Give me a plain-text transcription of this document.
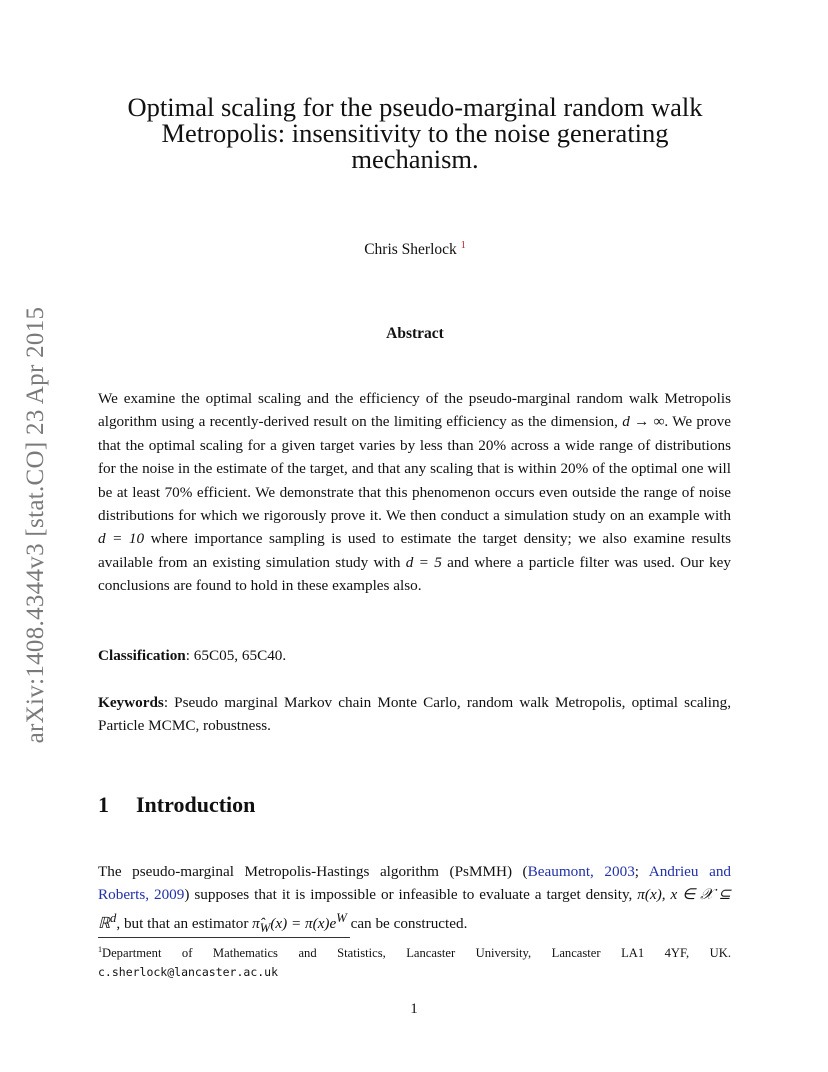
arXiv:1408.4344v3 [stat.CO] 23 Apr 2015
Optimal scaling for the pseudo-marginal random walk
Metropolis: insensitivity to the noise generating
mechanism.
Chris Sherlock $^1$
Abstract

We examine the optimal scaling and the efficiency of the pseudo-marginal random walk Metropolis algorithm using a recently-derived result on the limiting efficiency as the dimension, d → ∞. We prove that the optimal scaling for a given target varies by less than 20% across a wide range of distributions for the noise in the estimate of the target, and that any scaling that is within 20% of the optimal one will be at least 70% efficient. We demonstrate that this phenomenon occurs even outside the range of noise distributions for which we rigorously prove it. We then conduct a simulation study on an example with d = 10 where importance sampling is used to estimate the target density; we also examine results available from an existing simulation study with d = 5 and where a particle filter was used. Our key conclusions are found to hold in these examples also.

Classification: 65C05, 65C40.

Keywords: Pseudo marginal Markov chain Monte Carlo, random walk Metropolis, optimal scaling, Particle MCMC, robustness.

1 Introduction

The pseudo-marginal Metropolis-Hastings algorithm (PsMMH) (Beaumont, 2003; Andrieu and Roberts, 2009) supposes that it is impossible or infeasible to evaluate a target density, π(x), x ∈ 𝒳 ⊆ ℝ$^d$, but that an estimator $\pî_W(x) = \pi(x)e^W$ can be constructed.

$^1$Department of Mathematics and Statistics, Lancaster University, Lancaster LA1 4YF, UK. c.sherlock@lancaster.ac.uk

1
